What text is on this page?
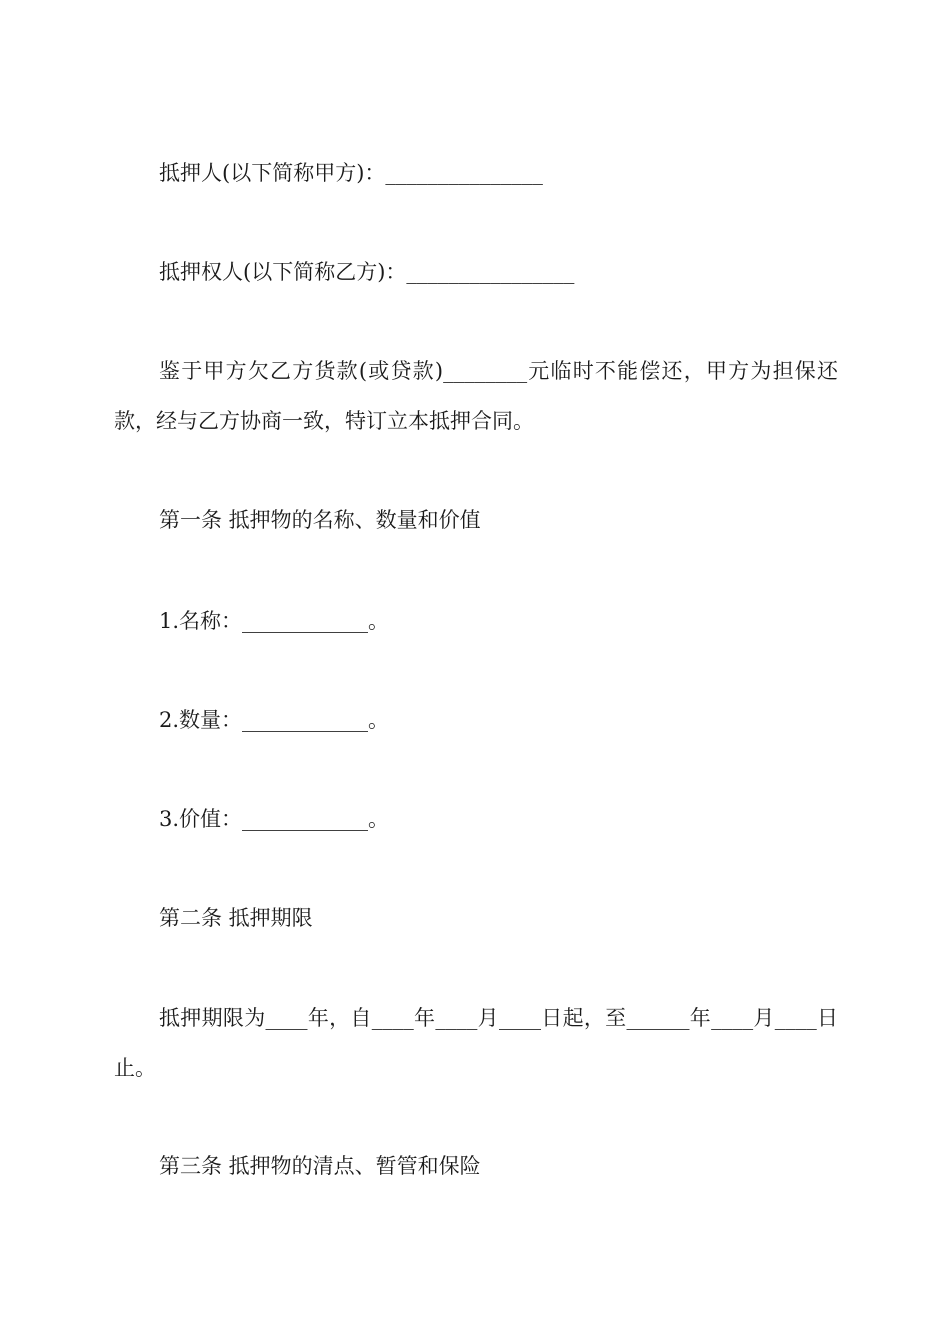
抵押人(以下简称甲方)：_______________

抵押权人(以下简称乙方)：________________

鉴于甲方欠乙方货款(或贷款)________元临时不能偿还，甲方为担保还款，经与乙方协商一致，特订立本抵押合同。

第一条 抵押物的名称、数量和价值

1.名称：____________。

2.数量：____________。

3.价值：____________。

第二条 抵押期限

抵押期限为____年，自____年____月____日起，至______年____月____日止。

第三条 抵押物的清点、暂管和保险
